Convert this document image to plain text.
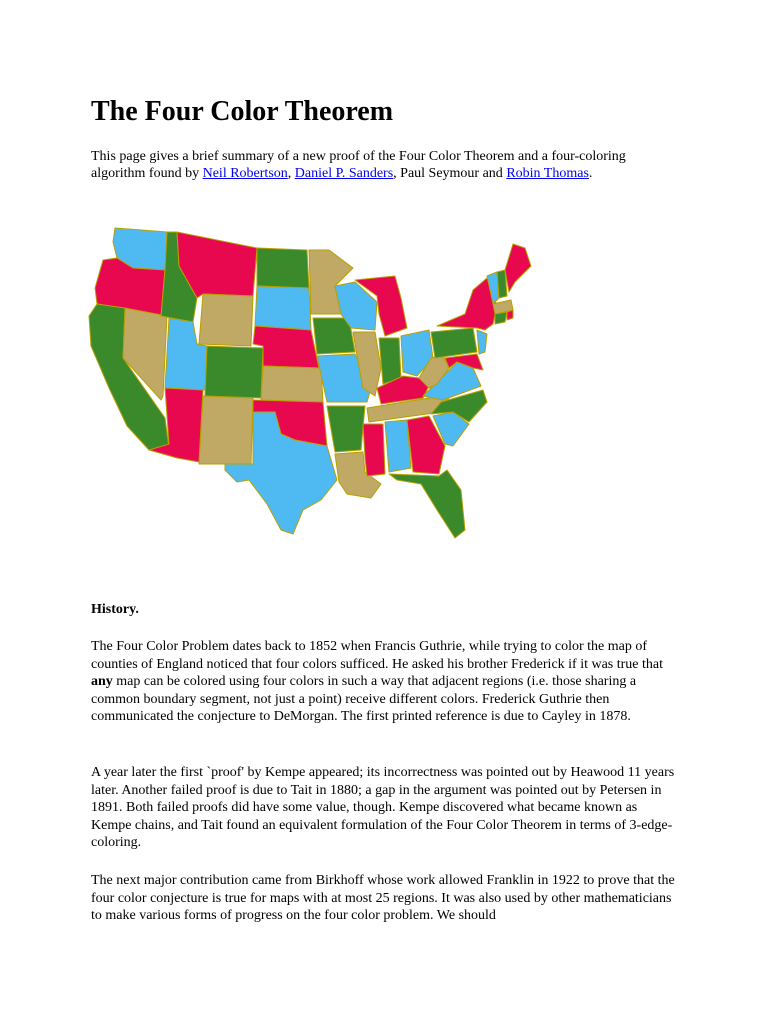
The Four Color Theorem

This page gives a brief summary of a new proof of the Four Color Theorem and a four-coloring algorithm found by Neil Robertson, Daniel P. Sanders, Paul Seymour and Robin Thomas.

History.

The Four Color Problem dates back to 1852 when Francis Guthrie, while trying to color the map of counties of England noticed that four colors sufficed. He asked his brother Frederick if it was true that any map can be colored using four colors in such a way that adjacent regions (i.e. those sharing a common boundary segment, not just a point) receive different colors. Frederick Guthrie then communicated the conjecture to DeMorgan. The first printed reference is due to Cayley in 1878.

A year later the first `proof' by Kempe appeared; its incorrectness was pointed out by Heawood 11 years later. Another failed proof is due to Tait in 1880; a gap in the argument was pointed out by Petersen in 1891. Both failed proofs did have some value, though. Kempe discovered what became known as Kempe chains, and Tait found an equivalent formulation of the Four Color Theorem in terms of 3-edge-coloring.

The next major contribution came from Birkhoff whose work allowed Franklin in 1922 to prove that the four color conjecture is true for maps with at most 25 regions. It was also used by other mathematicians to make various forms of progress on the four color problem. We should
